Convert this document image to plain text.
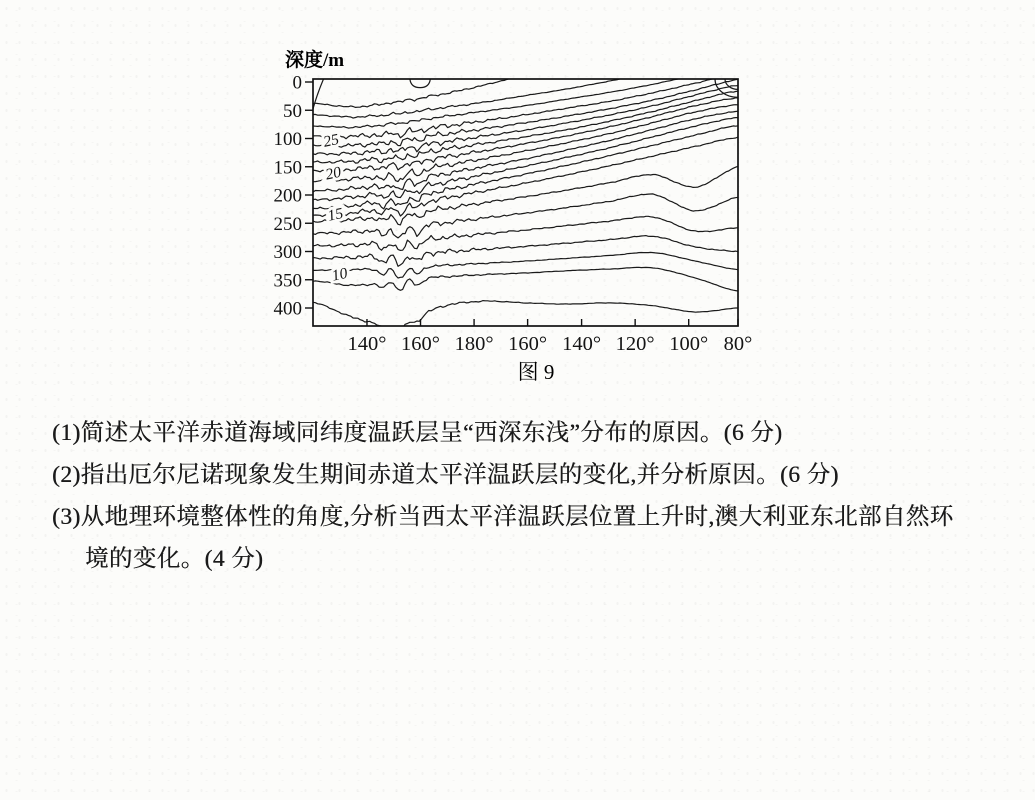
深度/m
0
50
100
150
200
250
300
350
400
140° 160° 180° 160° 140° 120° 100° 80°
25
20
15
10
图 9
(1)简述太平洋赤道海域同纬度温跃层呈“西深东浅”分布的原因。(6 分)
(2)指出厄尔尼诺现象发生期间赤道太平洋温跃层的变化,并分析原因。(6 分)
(3)从地理环境整体性的角度,分析当西太平洋温跃层位置上升时,澳大利亚东北部自然环
境的变化。(4 分)
